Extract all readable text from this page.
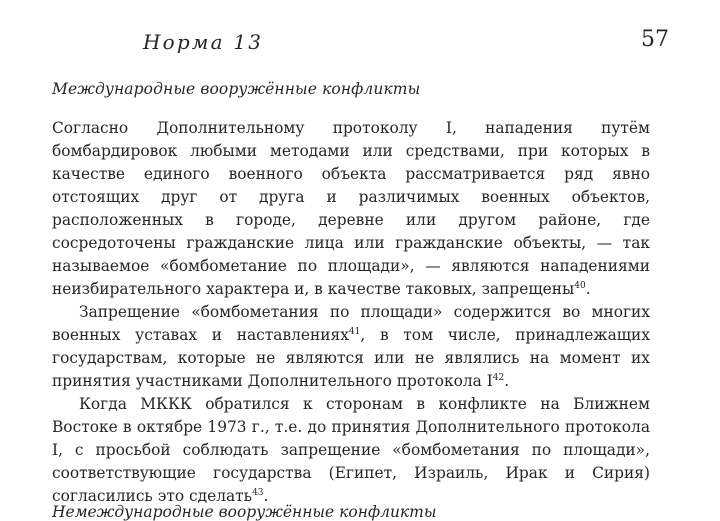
Норма 13	57
Международные вооружённые конфликты

Согласно Дополнительному протоколу I, нападения путём бомбардировок любыми методами или средствами, при которых в качестве единого военного объекта рассматривается ряд явно отстоящих друг от друга и различимых военных объектов, расположенных в городе, деревне или другом районе, где сосредоточены гражданские лица или гражданские объекты, — так называемое «бомбометание по площади», — являются нападениями неизбирательного характера и, в качестве таковых, запрещены$^{40}$.

Запрещение «бомбометания по площади» содержится во многих военных уставах и наставлениях$^{41}$, в том числе, принадлежащих государствам, которые не являются или не являлись на момент их принятия участниками Дополнительного протокола $I^{42}$.

Когда МККК обратился к сторонам в конфликте на Ближнем Востоке в октябре 1973 г., т.е. до принятия Дополнительного протокола I, с просьбой соблюдать запрещение «бомбометания по площади», соответствующие государства (Египет, Израиль, Ирак и Сирия) согласились это сделать$^{43}$.

Немеждународные вооружённые конфликты
